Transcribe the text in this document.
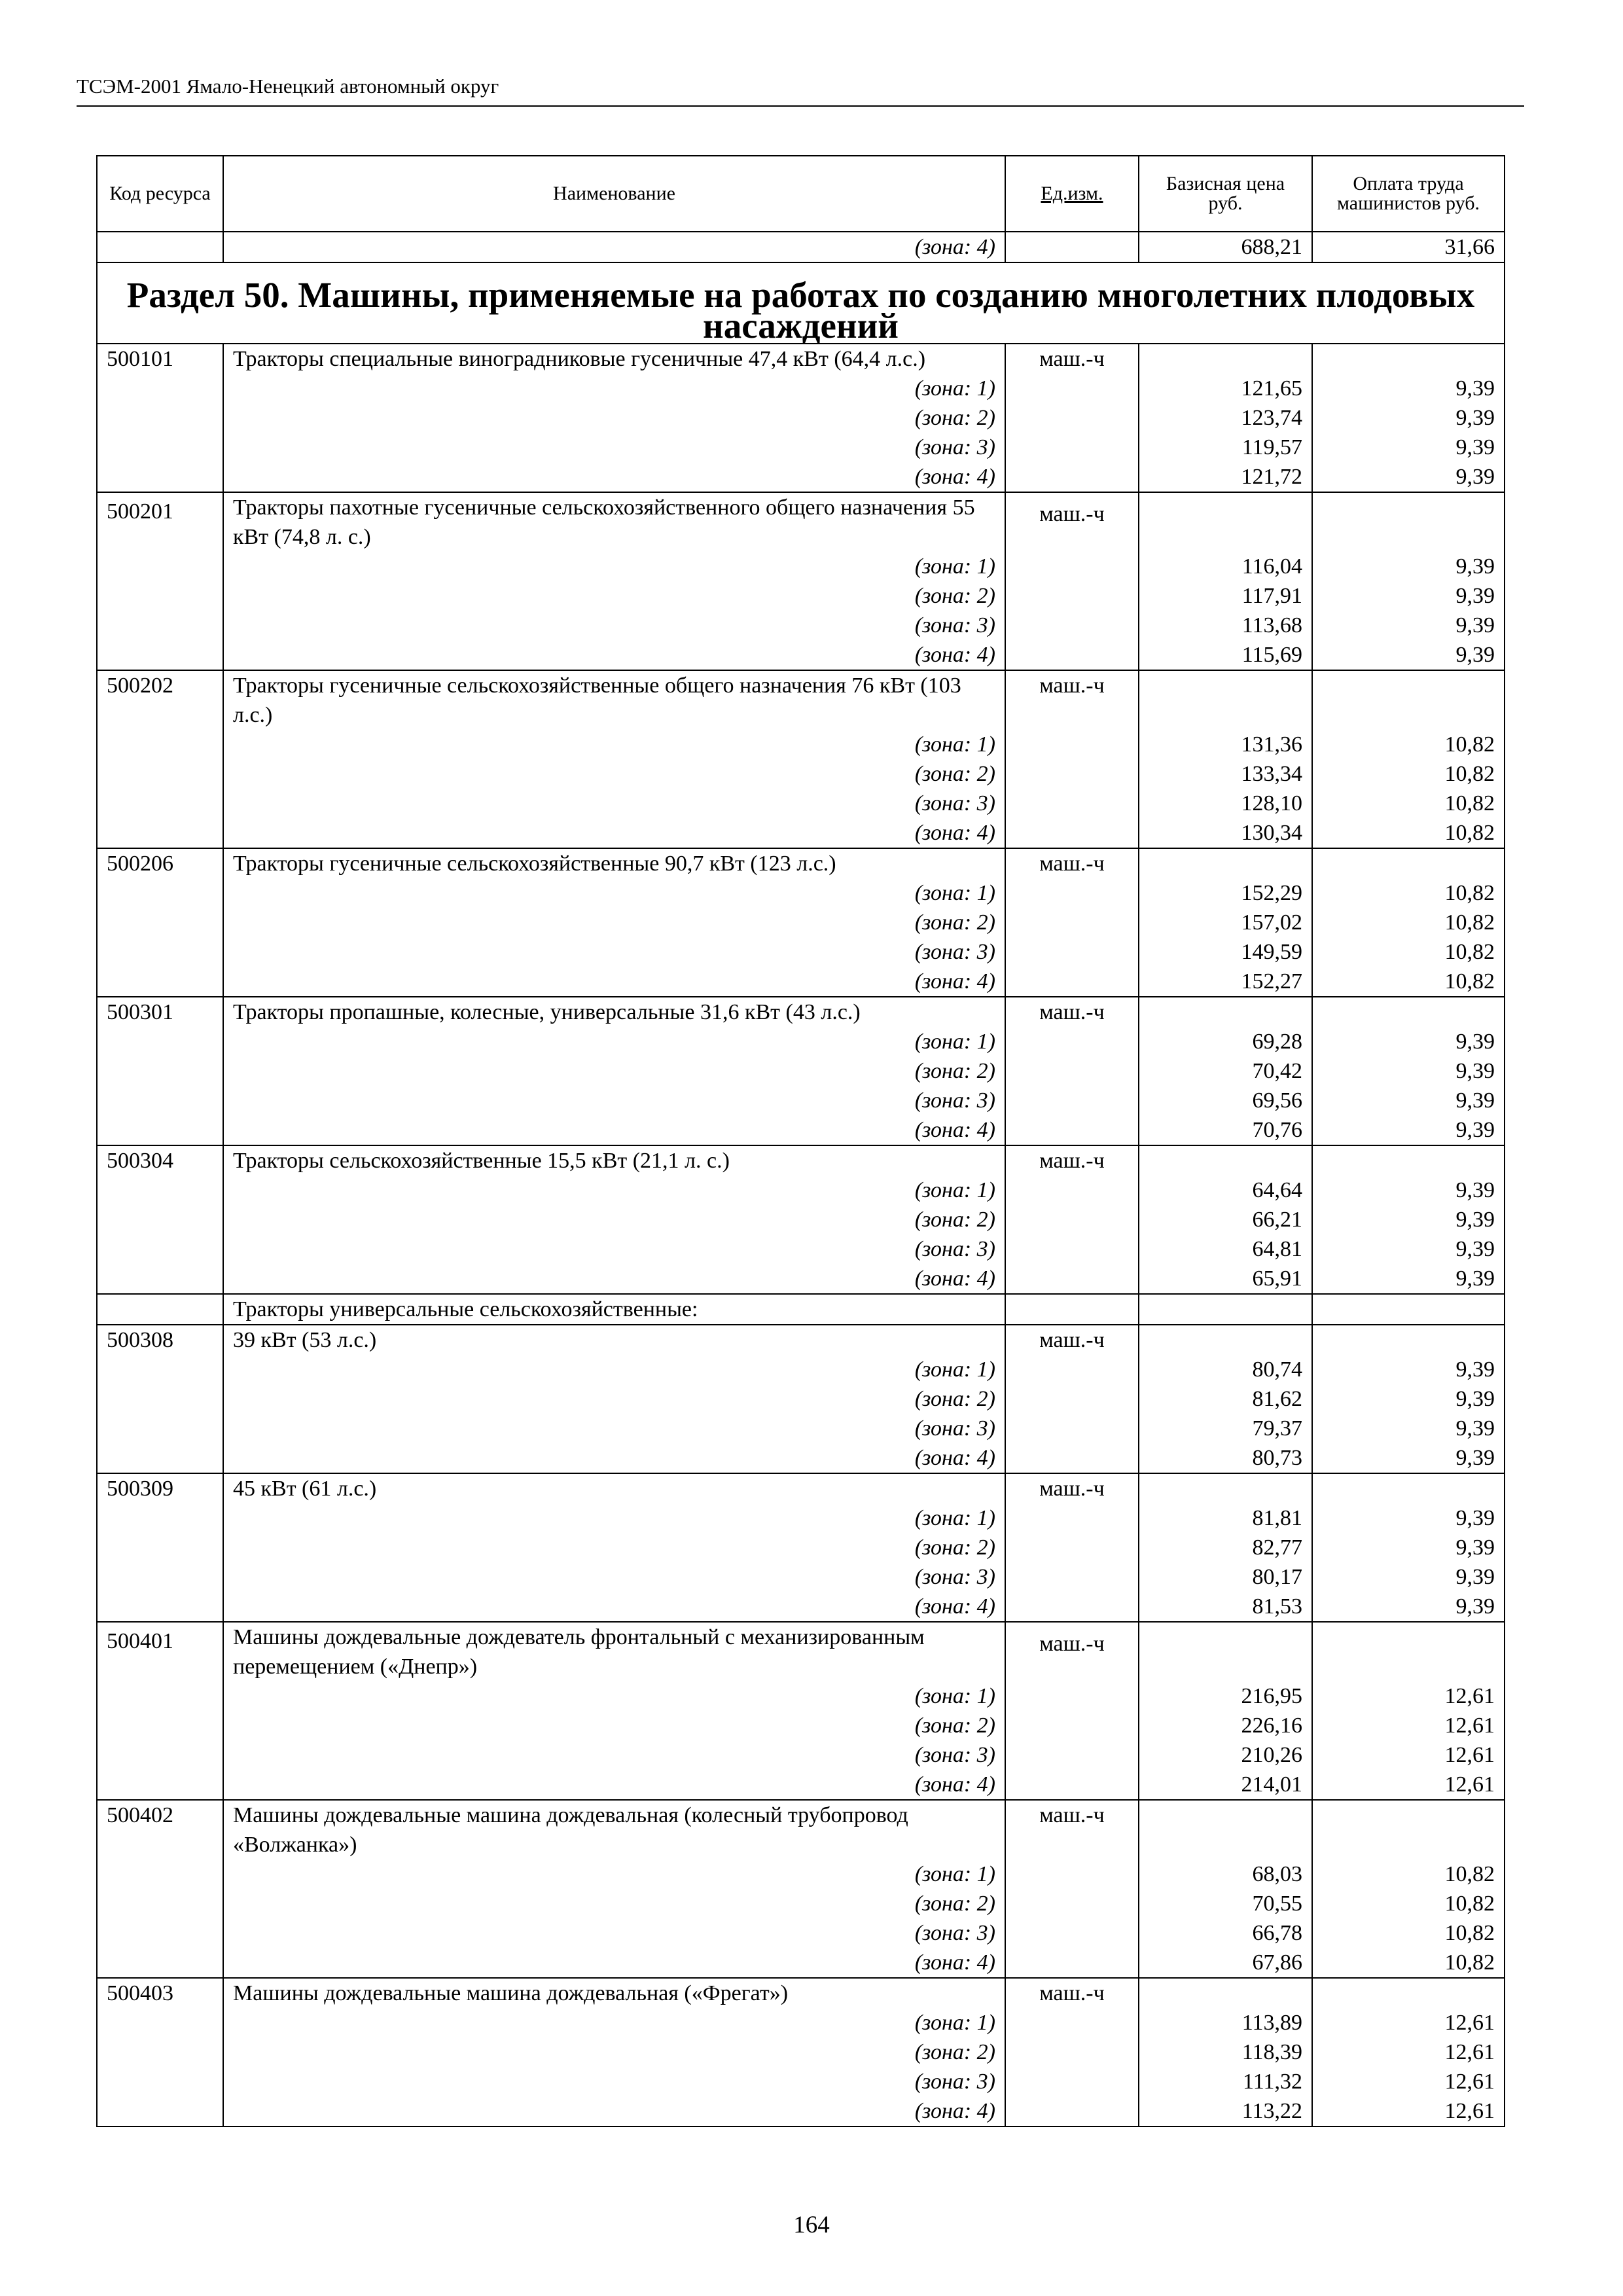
ТСЭМ-2001 Ямало-Ненецкий автономный округ
Код ресурса	Наименование	Ед.изм.	Базисная цена руб.	Оплата труда машинистов руб.
	(зона: 4)		688,21	31,66
Раздел 50. Машины, применяемые на работах по созданию многолетних плодовых насаждений				
500101	Тракторы специальные виноградниковые гусеничные 47,4 кВт (64,4 л.с.)	маш.-ч		
	(зона: 1)		121,65	9,39
	(зона: 2)		123,74	9,39
	(зона: 3)		119,57	9,39
	(зона: 4)		121,72	9,39
500201	Тракторы пахотные гусеничные сельскохозяйственного общего назначения 55 кВт (74,8 л. с.)	маш.-ч		
	(зона: 1)		116,04	9,39
	(зона: 2)		117,91	9,39
	(зона: 3)		113,68	9,39
	(зона: 4)		115,69	9,39
500202	Тракторы гусеничные сельскохозяйственные общего назначения 76 кВт (103 л.с.)	маш.-ч		
	(зона: 1)		131,36	10,82
	(зона: 2)		133,34	10,82
	(зона: 3)		128,10	10,82
	(зона: 4)		130,34	10,82
500206	Тракторы гусеничные сельскохозяйственные 90,7 кВт (123 л.с.)	маш.-ч		
	(зона: 1)		152,29	10,82
	(зона: 2)		157,02	10,82
	(зона: 3)		149,59	10,82
	(зона: 4)		152,27	10,82
500301	Тракторы пропашные, колесные, универсальные 31,6 кВт (43 л.с.)	маш.-ч		
	(зона: 1)		69,28	9,39
	(зона: 2)		70,42	9,39
	(зона: 3)		69,56	9,39
	(зона: 4)		70,76	9,39
500304	Тракторы сельскохозяйственные 15,5 кВт (21,1 л. с.)	маш.-ч		
	(зона: 1)		64,64	9,39
	(зона: 2)		66,21	9,39
	(зона: 3)		64,81	9,39
	(зона: 4)		65,91	9,39
	Тракторы универсальные сельскохозяйственные:			
500308	39 кВт (53 л.с.)	маш.-ч		
	(зона: 1)		80,74	9,39
	(зона: 2)		81,62	9,39
	(зона: 3)		79,37	9,39
	(зона: 4)		80,73	9,39
500309	45 кВт (61 л.с.)	маш.-ч		
	(зона: 1)		81,81	9,39
	(зона: 2)		82,77	9,39
	(зона: 3)		80,17	9,39
	(зона: 4)		81,53	9,39
500401	Машины дождевальные дождеватель фронтальный с механизированным перемещением («Днепр»)	маш.-ч		
	(зона: 1)		216,95	12,61
	(зона: 2)		226,16	12,61
	(зона: 3)		210,26	12,61
	(зона: 4)		214,01	12,61
500402	Машины дождевальные машина дождевальная (колесный трубопровод «Волжанка»)	маш.-ч		
	(зона: 1)		68,03	10,82
	(зона: 2)		70,55	10,82
	(зона: 3)		66,78	10,82
	(зона: 4)		67,86	10,82
500403	Машины дождевальные машина дождевальная («Фрегат»)	маш.-ч		
	(зона: 1)		113,89	12,61
	(зона: 2)		118,39	12,61
	(зона: 3)		111,32	12,61
	(зона: 4)		113,22	12,61
164
